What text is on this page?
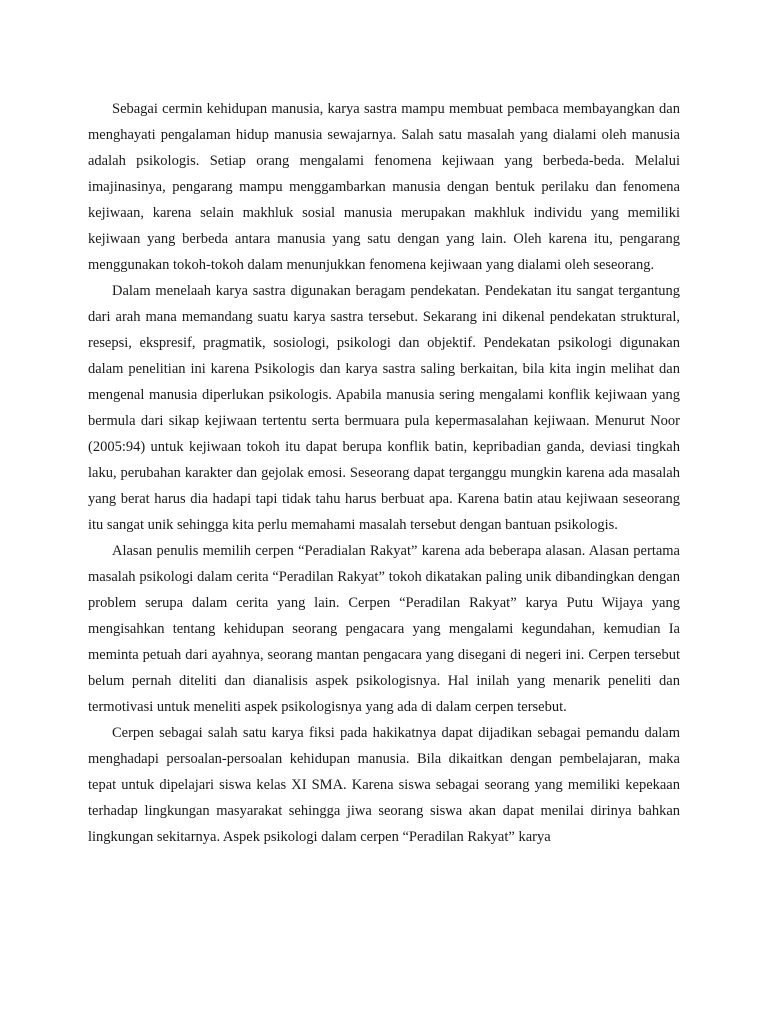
Sebagai cermin kehidupan manusia, karya sastra mampu membuat pembaca membayangkan dan menghayati pengalaman hidup manusia sewajarnya. Salah satu masalah yang dialami oleh manusia adalah psikologis. Setiap orang mengalami fenomena kejiwaan yang berbeda-beda. Melalui imajinasinya, pengarang mampu menggambarkan manusia dengan bentuk perilaku dan fenomena kejiwaan, karena selain makhluk sosial manusia merupakan makhluk individu yang memiliki kejiwaan yang berbeda antara manusia yang satu dengan yang lain. Oleh karena itu, pengarang menggunakan tokoh-tokoh dalam menunjukkan fenomena kejiwaan yang dialami oleh seseorang.

Dalam menelaah karya sastra digunakan beragam pendekatan. Pendekatan itu sangat tergantung dari arah mana memandang suatu karya sastra tersebut. Sekarang ini dikenal pendekatan struktural, resepsi, ekspresif, pragmatik, sosiologi, psikologi dan objektif. Pendekatan psikologi digunakan dalam penelitian ini karena Psikologis dan karya sastra saling berkaitan, bila kita ingin melihat dan mengenal manusia diperlukan psikologis. Apabila manusia sering mengalami konflik kejiwaan yang bermula dari sikap kejiwaan tertentu serta bermuara pula kepermasalahan kejiwaan. Menurut Noor (2005:94) untuk kejiwaan tokoh itu dapat berupa konflik batin, kepribadian ganda, deviasi tingkah laku, perubahan karakter dan gejolak emosi. Seseorang dapat terganggu mungkin karena ada masalah yang berat harus dia hadapi tapi tidak tahu harus berbuat apa. Karena batin atau kejiwaan seseorang itu sangat unik sehingga kita perlu memahami masalah tersebut dengan bantuan psikologis.

Alasan penulis memilih cerpen “Peradialan Rakyat” karena ada beberapa alasan. Alasan pertama masalah psikologi dalam cerita “Peradilan Rakyat” tokoh dikatakan paling unik dibandingkan dengan problem serupa dalam cerita yang lain. Cerpen “Peradilan Rakyat” karya Putu Wijaya yang mengisahkan tentang kehidupan seorang pengacara yang mengalami kegundahan, kemudian Ia meminta petuah dari ayahnya, seorang mantan pengacara yang disegani di negeri ini. Cerpen tersebut belum pernah diteliti dan dianalisis aspek psikologisnya. Hal inilah yang menarik peneliti dan termotivasi untuk meneliti aspek psikologisnya yang ada di dalam cerpen tersebut.

Cerpen sebagai salah satu karya fiksi pada hakikatnya dapat dijadikan sebagai pemandu dalam menghadapi persoalan-persoalan kehidupan manusia. Bila dikaitkan dengan pembelajaran, maka tepat untuk dipelajari siswa kelas XI SMA. Karena siswa sebagai seorang yang memiliki kepekaan terhadap lingkungan masyarakat sehingga jiwa seorang siswa akan dapat menilai dirinya bahkan lingkungan sekitarnya. Aspek psikologi dalam cerpen “Peradilan Rakyat” karya
